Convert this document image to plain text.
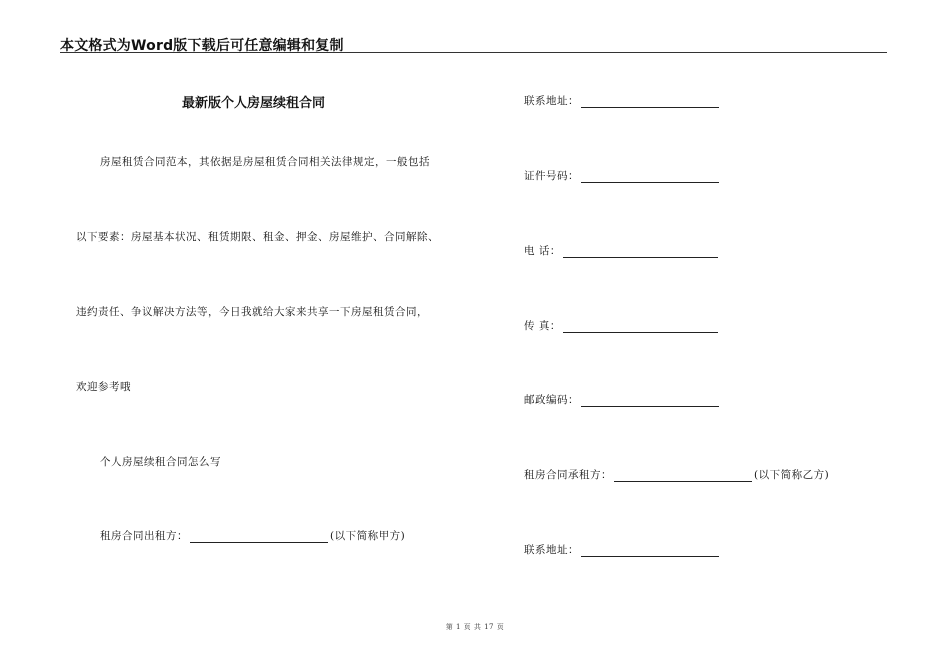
本文格式为Word版下载后可任意编辑和复制
最新版个人房屋续租合同
房屋租赁合同范本，其依据是房屋租赁合同相关法律规定，一般包括
以下要素：房屋基本状况、租赁期限、租金、押金、房屋维护、合同解除、
违约责任、争议解决方法等，今日我就给大家来共享一下房屋租赁合同，
欢迎参考哦
个人房屋续租合同怎么写
租房合同出租方：	(以下简称甲方)
联系地址：
证件号码：
电 话：
传 真：
邮政编码：
租房合同承租方：	(以下简称乙方)
联系地址：
第 1 页 共 17 页
